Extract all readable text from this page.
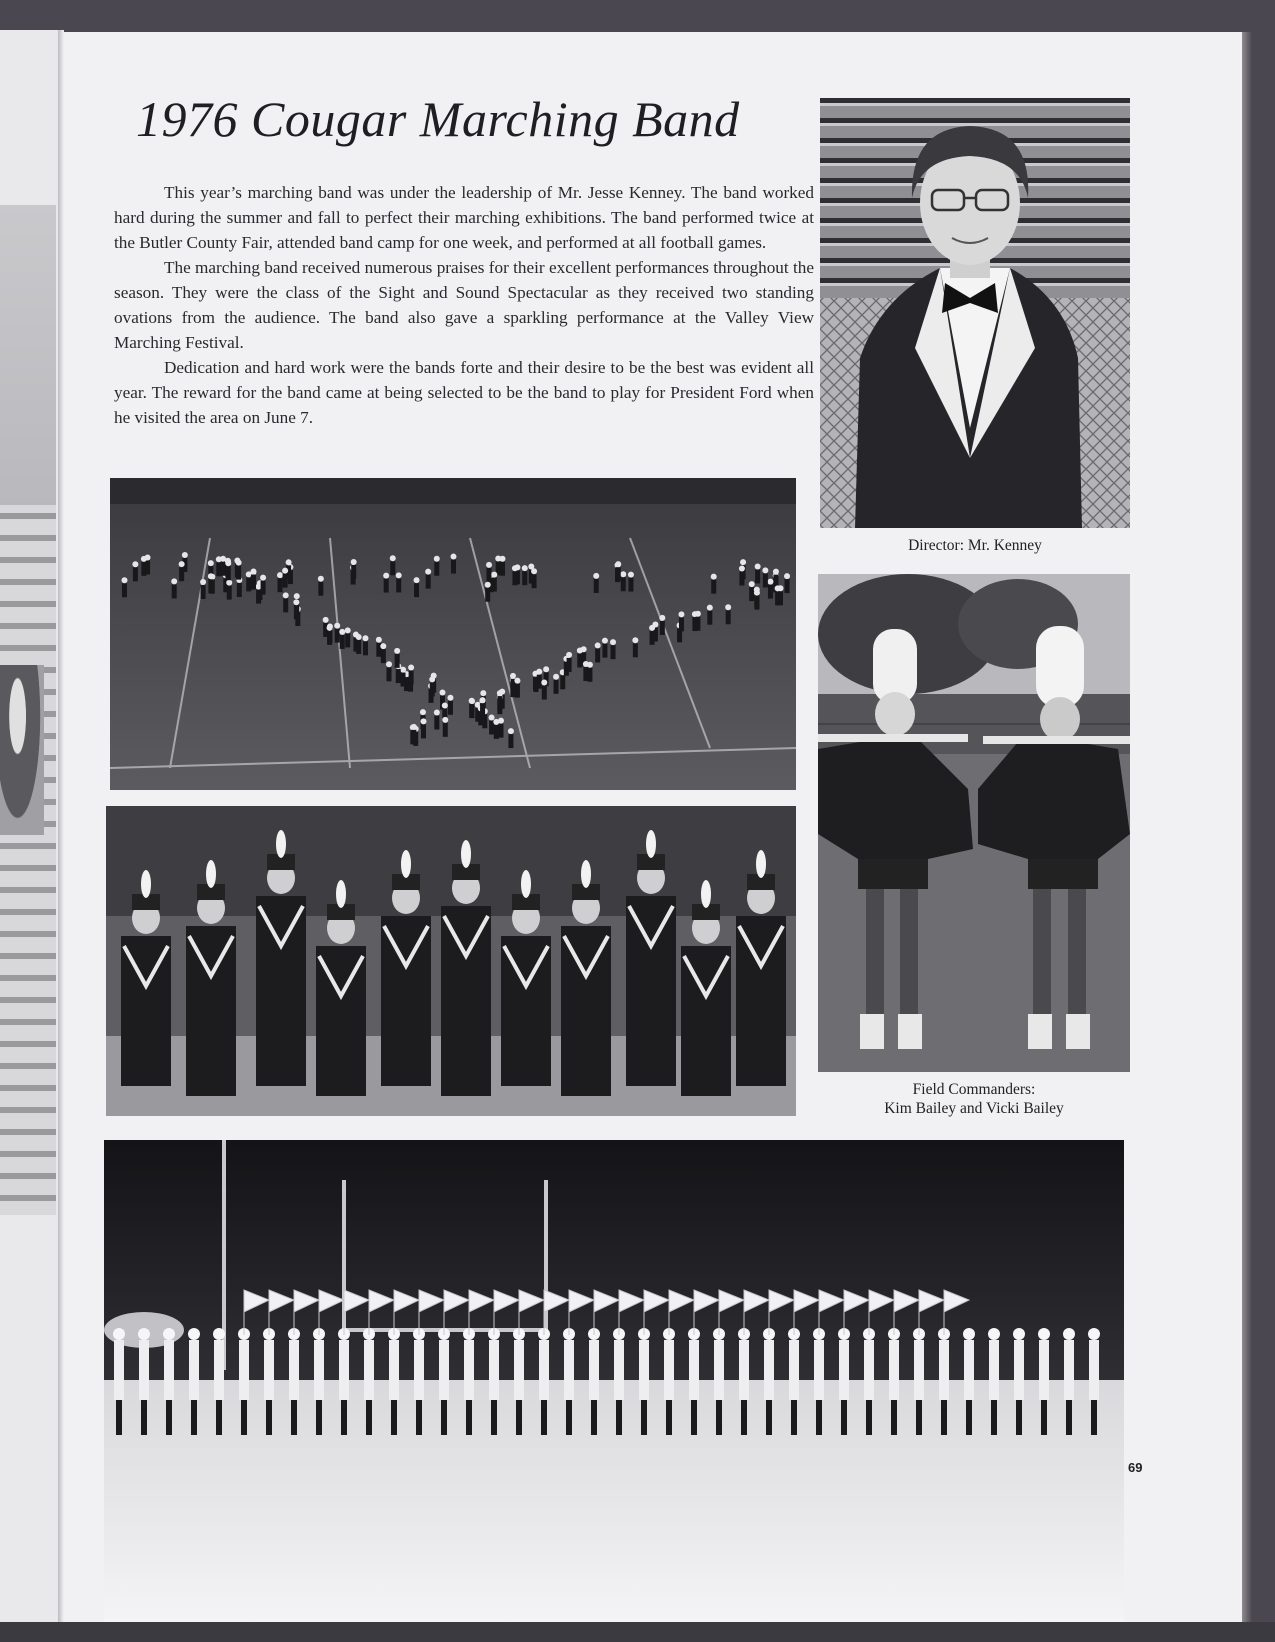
1976 Cougar Marching Band

This year’s marching band was under the leadership of Mr. Jesse Kenney. The band worked hard during the summer and fall to perfect their marching exhibitions. The band performed twice at the Butler County Fair, attended band camp for one week, and performed at all football games.

The marching band received numerous praises for their excellent performances throughout the season. They were the class of the Sight and Sound Spectacular as they received two standing ovations from the audience. The band also gave a sparkling performance at the Valley View Marching Festival.

Dedication and hard work were the bands forte and their desire to be the best was evident all year. The reward for the band came at being selected to be the band to play for President Ford when he visited the area on June 7.

Director: Mr. Kenney
Field Commanders:
Kim Bailey and Vicki Bailey
69
